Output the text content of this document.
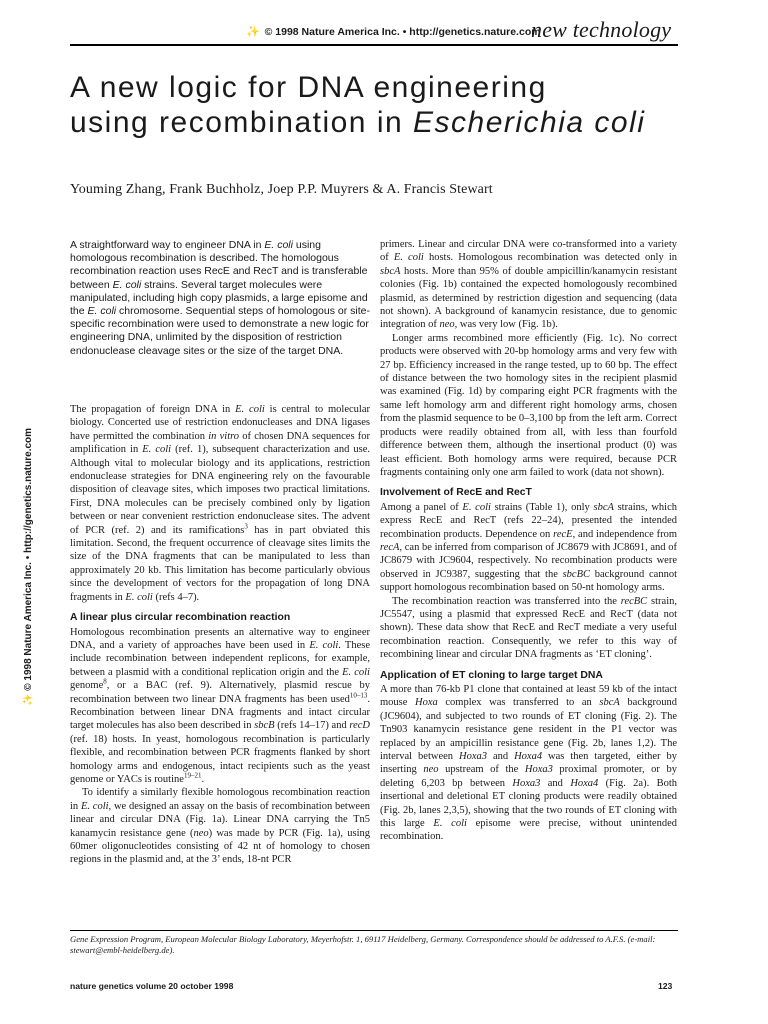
✨ © 1998 Nature America Inc. • http://genetics.nature.com
new technology
✨ © 1998 Nature America Inc. • http://genetics.nature.com
A new logic for DNA engineering
using recombination in Escherichia coli
Youming Zhang, Frank Buchholz, Joep P.P. Muyrers & A. Francis Stewart

A straightforward way to engineer DNA in E. coli using homologous recombination is described. The homologous recombination reaction uses RecE and RecT and is transferable between E. coli strains. Several target molecules were manipulated, including high copy plasmids, a large episome and the E. coli chromosome. Sequential steps of homologous or site-specific recombination were used to demonstrate a new logic for engineering DNA, unlimited by the disposition of restriction endonuclease cleavage sites or the size of the target DNA.

The propagation of foreign DNA in E. coli is central to molecular biology. Concerted use of restriction endonucleases and DNA ligases have permitted the combination in vitro of chosen DNA sequences for amplification in E. coli (ref. 1), subsequent characterization and use. Although vital to molecular biology and its applications, restriction endonuclease strategies for DNA engineering rely on the favourable disposition of cleavage sites, which imposes two practical limitations. First, DNA molecules can be precisely combined only by ligation between or near convenient restriction endonuclease sites. The advent of PCR (ref. 2) and its ramifications$^3$ has in part obviated this limitation. Second, the frequent occurrence of cleavage sites limits the size of the DNA fragments that can be manipulated to less than approximately 20 kb. This limitation has become particularly obvious since the development of vectors for the propagation of long DNA fragments in E. coli (refs 4–7).

A linear plus circular recombination reaction

Homologous recombination presents an alternative way to engineer DNA, and a variety of approaches have been used in E. coli. These include recombination between independent replicons, for example, between a plasmid with a conditional replication origin and the E. coli genome$^8$, or a BAC (ref. 9). Alternatively, plasmid rescue by recombination between two linear DNA fragments has been used$^{10-13}$. Recombination between linear DNA fragments and intact circular target molecules has also been described in sbcB (refs 14–17) and recD (ref. 18) hosts. In yeast, homologous recombination is particularly flexible, and recombination between PCR fragments flanked by short homology arms and endogenous, intact recipients such as the yeast genome or YACs is routine$^{19-21}$.

To identify a similarly flexible homologous recombination reaction in E. coli, we designed an assay on the basis of recombination between linear and circular DNA (Fig. 1a). Linear DNA carrying the Tn5 kanamycin resistance gene (neo) was made by PCR (Fig. 1a), using 60mer oligonucleotides consisting of 42 nt of homology to chosen regions in the plasmid and, at the 3’ ends, 18-nt PCR

primers. Linear and circular DNA were co-transformed into a variety of E. coli hosts. Homologous recombination was detected only in sbcA hosts. More than 95% of double ampicillin/kanamycin resistant colonies (Fig. 1b) contained the expected homologously recombined plasmid, as determined by restriction digestion and sequencing (data not shown). A background of kanamycin resistance, due to genomic integration of neo, was very low (Fig. 1b).

Longer arms recombined more efficiently (Fig. 1c). No correct products were observed with 20-bp homology arms and very few with 27 bp. Efficiency increased in the range tested, up to 60 bp. The effect of distance between the two homology sites in the recipient plasmid was examined (Fig. 1d) by comparing eight PCR fragments with the same left homology arm and different right homology arms, chosen from the plasmid sequence to be 0–3,100 bp from the left arm. Correct products were readily obtained from all, with less than fourfold difference between them, although the insertional product (0) was least efficient. Both homology arms were required, because PCR fragments containing only one arm failed to work (data not shown).

Involvement of RecE and RecT

Among a panel of E. coli strains (Table 1), only sbcA strains, which express RecE and RecT (refs 22–24), presented the intended recombination products. Dependence on recE, and independence from recA, can be inferred from comparison of JC8679 with JC8691, and of JC8679 with JC9604, respectively. No recombination products were observed in JC9387, suggesting that the sbcBC background cannot support homologous recombination based on 50-nt homology arms.

The recombination reaction was transferred into the recBC strain, JC5547, using a plasmid that expressed RecE and RecT (data not shown). These data show that RecE and RecT mediate a very useful recombination reaction. Consequently, we refer to this way of recombining linear and circular DNA fragments as ‘ET cloning’.

Application of ET cloning to large target DNA

A more than 76-kb P1 clone that contained at least 59 kb of the intact mouse Hoxa complex was transferred to an sbcA background (JC9604), and subjected to two rounds of ET cloning (Fig. 2). The Tn903 kanamycin resistance gene resident in the P1 vector was replaced by an ampicillin resistance gene (Fig. 2b, lanes 1,2). The interval between Hoxa3 and Hoxa4 was then targeted, either by inserting neo upstream of the Hoxa3 proximal promoter, or by deleting 6,203 bp between Hoxa3 and Hoxa4 (Fig. 2a). Both insertional and deletional ET cloning products were readily obtained (Fig. 2b, lanes 2,3,5), showing that the two rounds of ET cloning with this large E. coli episome were precise, without unintended recombination.

Gene Expression Program, European Molecular Biology Laboratory, Meyerhofstr. 1, 69117 Heidelberg, Germany. Correspondence should be addressed to A.F.S. (e-mail: stewart@embl-heidelberg.de).
nature genetics volume 20 october 1998	123
